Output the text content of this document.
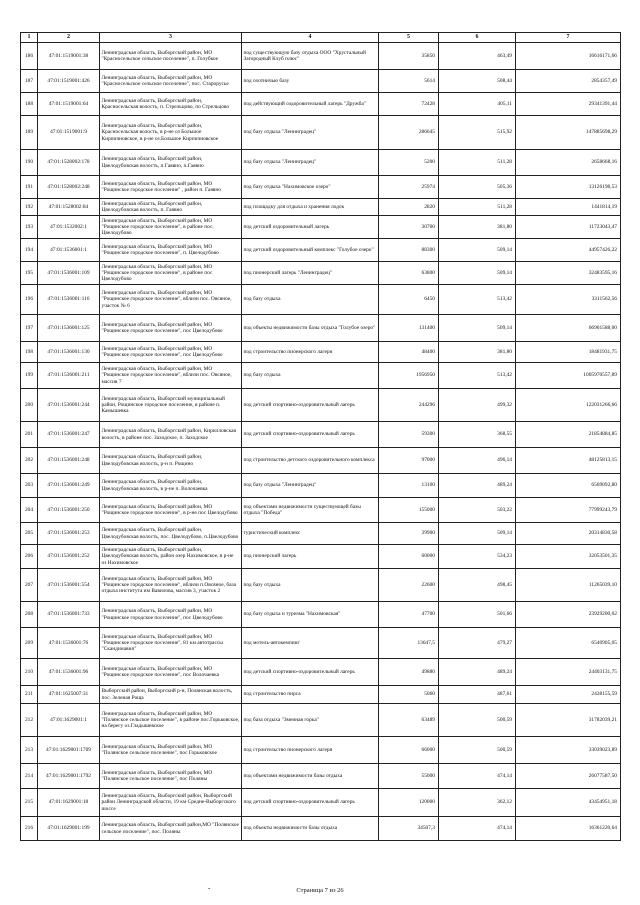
1	2	3	4	5	6	7
186	47:01:1519001:38	Ленинградская область, Выборгский район, МО "Красносельское сельское поселение", п. Голубкое	под существующую базу отдыха ООО "Хрустальный Загородный Клуб плюс"	35850	463,49	16616171,66
187	47:01:1519001:426	Ленинградская область, Выборгский район, МО "Красносельское сельское поселение", пос. Старорусье	под охотничью базу	5614	508,44	2854357,49
188	47:01:1519001:64	Ленинградская область, Выборгский район, Красносельская волость, п. Стрельцово, по Стрельцово	под действующий оздоровительный лагерь "Дружба"	72428	405,11	29341391,44
189	47:01:1519001:9	Ленинградская область, Выборгский район, Красносельская волость, в р-не оз Большое Кирпичновское, в р-не оз.Большое Кирпичновское	под базу отдыха "Ленинградец"	286645	515,92	147885698,29
190	47:01:1528002:178	Ленинградская область, Выборгский район, Цвелодубовская волость, п.Гаявно, п.Гаявно	под базу отдыха "Ленинградец"	5200	511,28	2658668,16
191	47:01:1528002:248	Ленинградская область, Выборгский район, МО "Рощинское городское поселение" , район п. Гаявно	под базу отдыха "Нахимовское озеро"	25974	505,36	13126198,53
192	47:01:1528002:84	Ленинградская область, Выборгский район, Цвелодубовская волость, п. Гаявно	под площадку для отдыха и хранения лодок	2820	511,28	1441814,19
193	47:01:1532002:1	Ленинградская область, Выборгский район, МО "Рощинское городское поселение", в районе пос. Цвелодубово	под детский оздоровительный лагерь	30700	381,80	11723043,47
194	47:01:1536001:1	Ленинградская область, Выборгский район, МО "Рощинское городское поселение", п. Цвелодубово	под детский оздоровительный комплекс "Голубое озеро"	88300	509,14	44957426,22
195	47:01:1536001:109	Ленинградская область, Выборгский район, МО "Рощинское городское поселение", в районе пос Цвелодубово	под пионерский лагерь "Ленинградец"	63800	509,14	32483595,16
196	47:01:1536001:116	Ленинградская область, Выборгский район, МО "Рощинское городское поселение", вблизи пос. Овсяное, участок № 6	под базу отдыха	6450	513,42	3311562,56
197	47:01:1536001:125	Ленинградская область, Выборгский район, МО "Рощинское городское поселение", пос Цвелодубово	под объекты недвижимости базы отдыха "Голубое озеро"	131400	509,14	66901588,00
198	47:01:1536001:130	Ленинградская область, Выборгский район, МО "Рощинское городское поселение", пос Цвелодубово	под строительство пионерского лагеря	48400	381,80	18481931,75
199	47:01:1536001:211	Ленинградская область, Выборгский район, МО "Рощинское городское поселение", вблизи пос. Овсяное, массив 7	под базу отдыха	1956950	513,42	1005970557,89
200	47:01:1536001:244	Ленинградская область, Выборгский муниципальный район, Рощинское городское поселение, в районе п. Камышевка	под детский спортивно-оздоровительный лагерь	244296	499,32	122031266,66
201	47:01:1536001:247	Ленинградская область, Выборгский район, Кирилловская волость, в районе пос. Заходское, п. Заходское	под детский спортивно-оздоровительный лагерь	59300	368,55	21854884,85
202	47:01:1536001:248	Ленинградская область, Выборгский район, Цвелодубовская волость, р-н п. Рощино	под строительство детского оздоровительного комплекса	97000	496,14	48125813,15
203	47:01:1536001:249	Ленинградская область, Выборгский район, Цвелодубовская волость, в р-не п. Волочаевка	под базу отдыха "Ленинградец"	13100	489,24	6569092,80
204	47:01:1536001:250	Ленинградская область, Выборгский район, МО "Рощинское городское поселение", в р-не пос Цвелодубово	под объектами недвижимости существующей базы отдыха "Победа"	155000	503,22	77999243,79
205	47:01:1536001:253	Ленинградская область, Выборгский район, Цвелодубовская волость, пос. Цвелодубово, п.Цвелодубово	туристический комплекс	39900	509,14	20314830,58
206	47:01:1536001:252	Ленинградская область, Выборгский район, Цвелодубовская волость, район озер Нахимовское, в р-не оз Нахимовское	под пионерский лагерь	60000	534,23	32053501,35
207	47:01:1536001:554	Ленинградская область, Выборгский район, МО "Рощинское городское поселение", вблизи п.Овсяное, база отдыха института им Вавилова, массив 3, участок 2	под базу отдыха	22600	498,45	11265039,10
208	47:01:1536001:733	Ленинградская область, Выборгский район, МО "Рощинское городское поселение", пос Цвелодубово	под базу отдыха и туризма "Нахимовская"	47700	501,66	23929200,02
209	47:01:1536001:76	Ленинградская область, Выборгский район, МО "Рощинское городское поселение", 81 км автотрассы "Скандинавия"	под мотель-автокемпинг	13647,5	479,27	6540905,05
210	47:01:1536001:96	Ленинградская область, Выборгский район, МО "Рощинское городское поселение", пос Волочаевка	под детский спортивно-оздоровительный лагерь	49880	489,24	24403131,75
211	47:01:1625007:31	Выборгский район, Выборгский р-н, Полянская волость, пос. Зеленая Роща	под строительство пирса	5060	487,61	2438155,59
212	47:01:1629001:1	Ленинградская область, Выборгский район, МО "Полянское сельское поселение", в районе пос.Горьковское, на берегу оз.Гладышевское	под база отдыха "Змеиная горка"	63489	500,59	31782039,21
213	47:01:1629001:1709	Ленинградская область, Выборгский район, МО "Полянское сельское поселение", пос Горьковское	под строительство пионерского лагеря	66000	500,59	33039023,89
214	47:01:1629001:1792	Ленинградская область, Выборгский район, МО "Полянское сельское поселение", пос Поляны	под объектами недвижимости базы отдыха	55000	474,14	26077587,50
215	47:01:1629001:18	Ленинградская область, Выборгский район, Выборгский район Ленинградской области, 19 км Средне-Выборгского шоссе	под детский спортивно-оздоровительный лагерь	120000	362,12	43454951,18
216	47:01:1629001:199	Ленинградская область, Выборгский район,МО "Полянское сельское поселение", пос. Поляны	под объекты недвижимости базы отдыха	34507,3	474,14	16361220,64
-	Страница 7 из 26
